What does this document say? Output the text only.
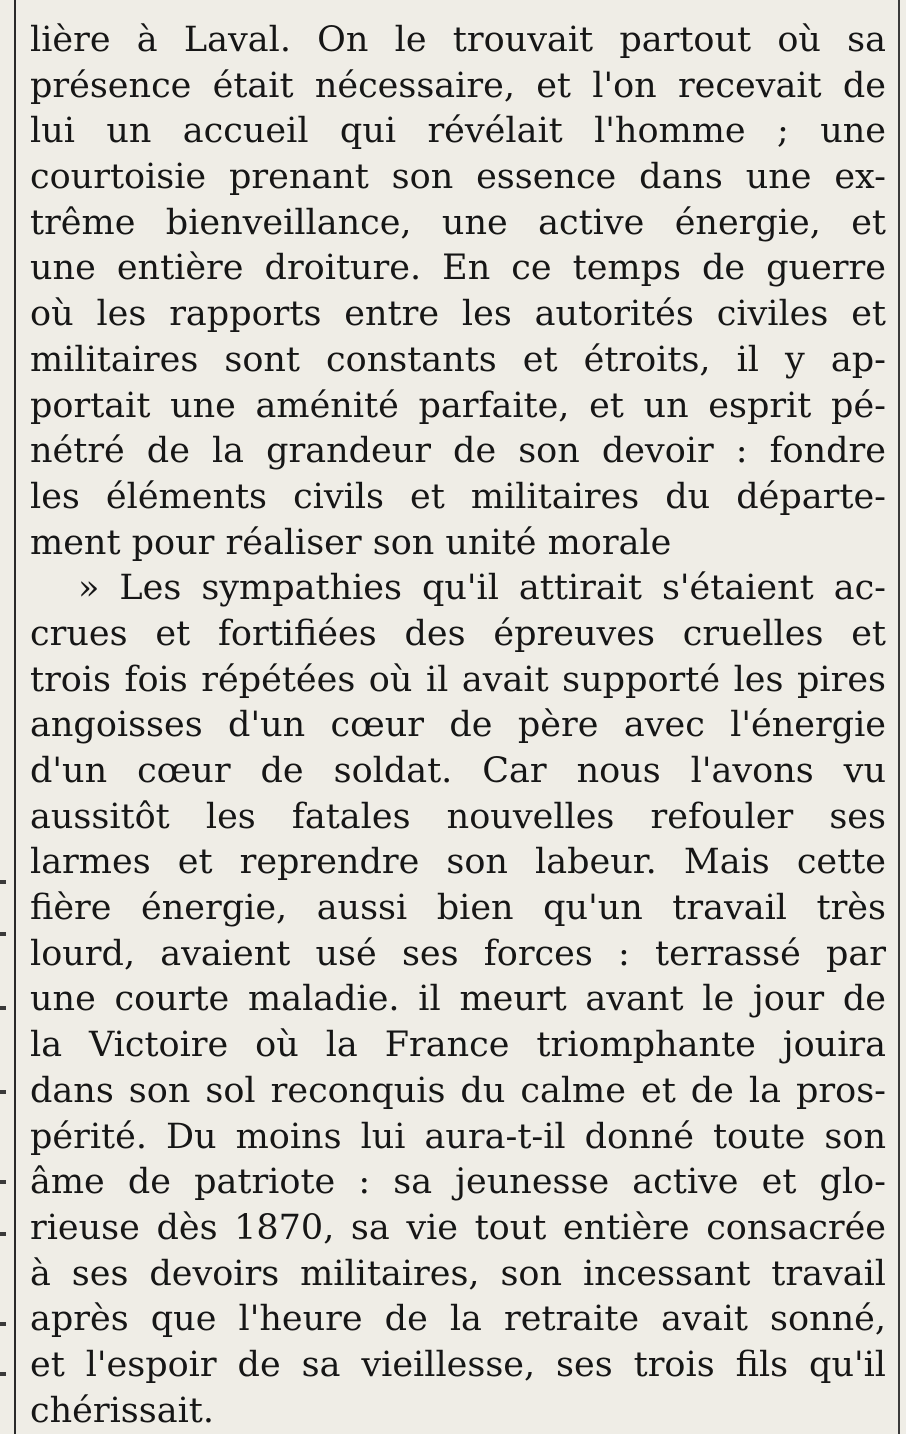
lière à Laval. On le trouvait partout où sa
présence était nécessaire, et l'on recevait de
lui un accueil qui révélait l'homme ; une
courtoisie prenant son essence dans une ex-
trême bienveillance, une active énergie, et
une entière droiture. En ce temps de guerre
où les rapports entre les autorités civiles et
militaires sont constants et étroits, il y ap-
portait une aménité parfaite, et un esprit pé-
nétré de la grandeur de son devoir : fondre
les éléments civils et militaires du départe-
ment pour réaliser son unité morale
» Les sympathies qu'il attirait s'étaient ac-
crues et fortifiées des épreuves cruelles et
trois fois répétées où il avait supporté les pires
angoisses d'un cœur de père avec l'énergie
d'un cœur de soldat. Car nous l'avons vu
aussitôt les fatales nouvelles refouler ses
larmes et reprendre son labeur. Mais cette
fière énergie, aussi bien qu'un travail très
lourd, avaient usé ses forces : terrassé par
une courte maladie. il meurt avant le jour de
la Victoire où la France triomphante jouira
dans son sol reconquis du calme et de la pros-
périté. Du moins lui aura-t-il donné toute son
âme de patriote : sa jeunesse active et glo-
rieuse dès 1870, sa vie tout entière consacrée
à ses devoirs militaires, son incessant travail
après que l'heure de la retraite avait sonné,
et l'espoir de sa vieillesse, ses trois fils qu'il
chérissait.
